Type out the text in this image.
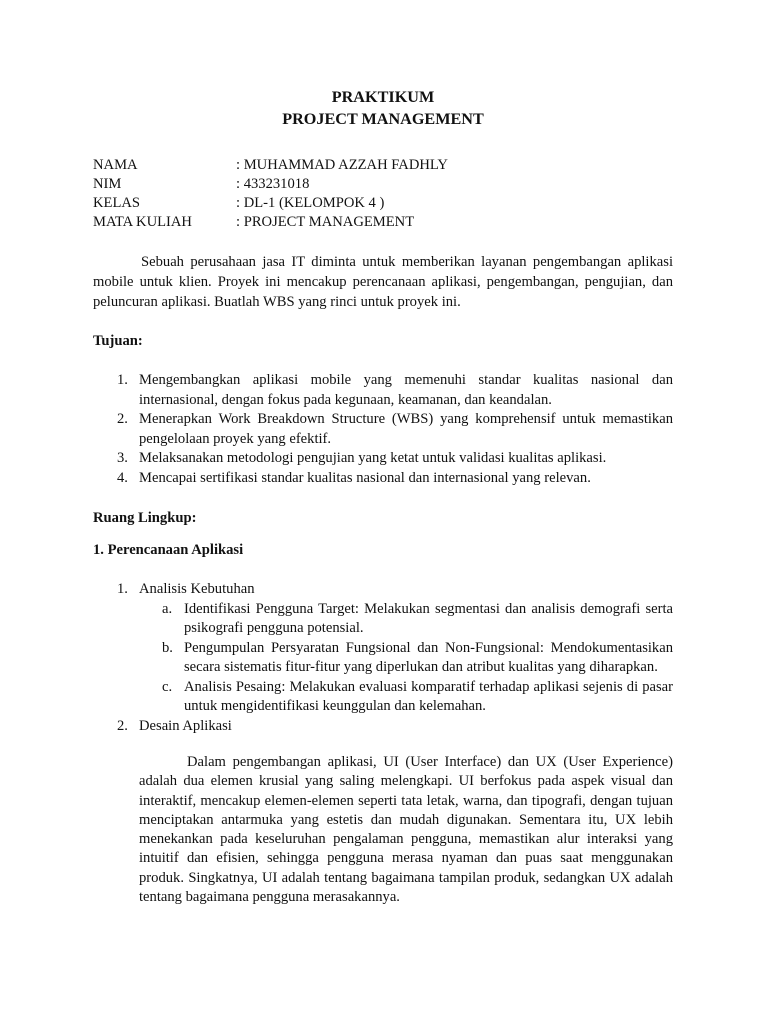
PRAKTIKUM
PROJECT MANAGEMENT
NAMA	: MUHAMMAD AZZAH FADHLY
NIM	: 433231018
KELAS	: DL-1 (KELOMPOK 4 )
MATA KULIAH	: PROJECT MANAGEMENT

Sebuah perusahaan jasa IT diminta untuk memberikan layanan pengembangan aplikasi mobile untuk klien. Proyek ini mencakup perencanaan aplikasi, pengembangan, pengujian, dan peluncuran aplikasi. Buatlah WBS yang rinci untuk proyek ini.

Tujuan:

1. Mengembangkan aplikasi mobile yang memenuhi standar kualitas nasional dan internasional, dengan fokus pada kegunaan, keamanan, dan keandalan.
2. Menerapkan Work Breakdown Structure (WBS) yang komprehensif untuk memastikan pengelolaan proyek yang efektif.
3. Melaksanakan metodologi pengujian yang ketat untuk validasi kualitas aplikasi.
4. Mencapai sertifikasi standar kualitas nasional dan internasional yang relevan.

Ruang Lingkup:

1. Perencanaan Aplikasi

1. Analisis Kebutuhan
a. Identifikasi Pengguna Target: Melakukan segmentasi dan analisis demografi serta psikografi pengguna potensial.
b. Pengumpulan Persyaratan Fungsional dan Non-Fungsional: Mendokumentasikan secara sistematis fitur-fitur yang diperlukan dan atribut kualitas yang diharapkan.
c. Analisis Pesaing: Melakukan evaluasi komparatif terhadap aplikasi sejenis di pasar untuk mengidentifikasi keunggulan dan kelemahan.
2. Desain Aplikasi

Dalam pengembangan aplikasi, UI (User Interface) dan UX (User Experience) adalah dua elemen krusial yang saling melengkapi. UI berfokus pada aspek visual dan interaktif, mencakup elemen-elemen seperti tata letak, warna, dan tipografi, dengan tujuan menciptakan antarmuka yang estetis dan mudah digunakan. Sementara itu, UX lebih menekankan pada keseluruhan pengalaman pengguna, memastikan alur interaksi yang intuitif dan efisien, sehingga pengguna merasa nyaman dan puas saat menggunakan produk. Singkatnya, UI adalah tentang bagaimana tampilan produk, sedangkan UX adalah tentang bagaimana pengguna merasakannya.
